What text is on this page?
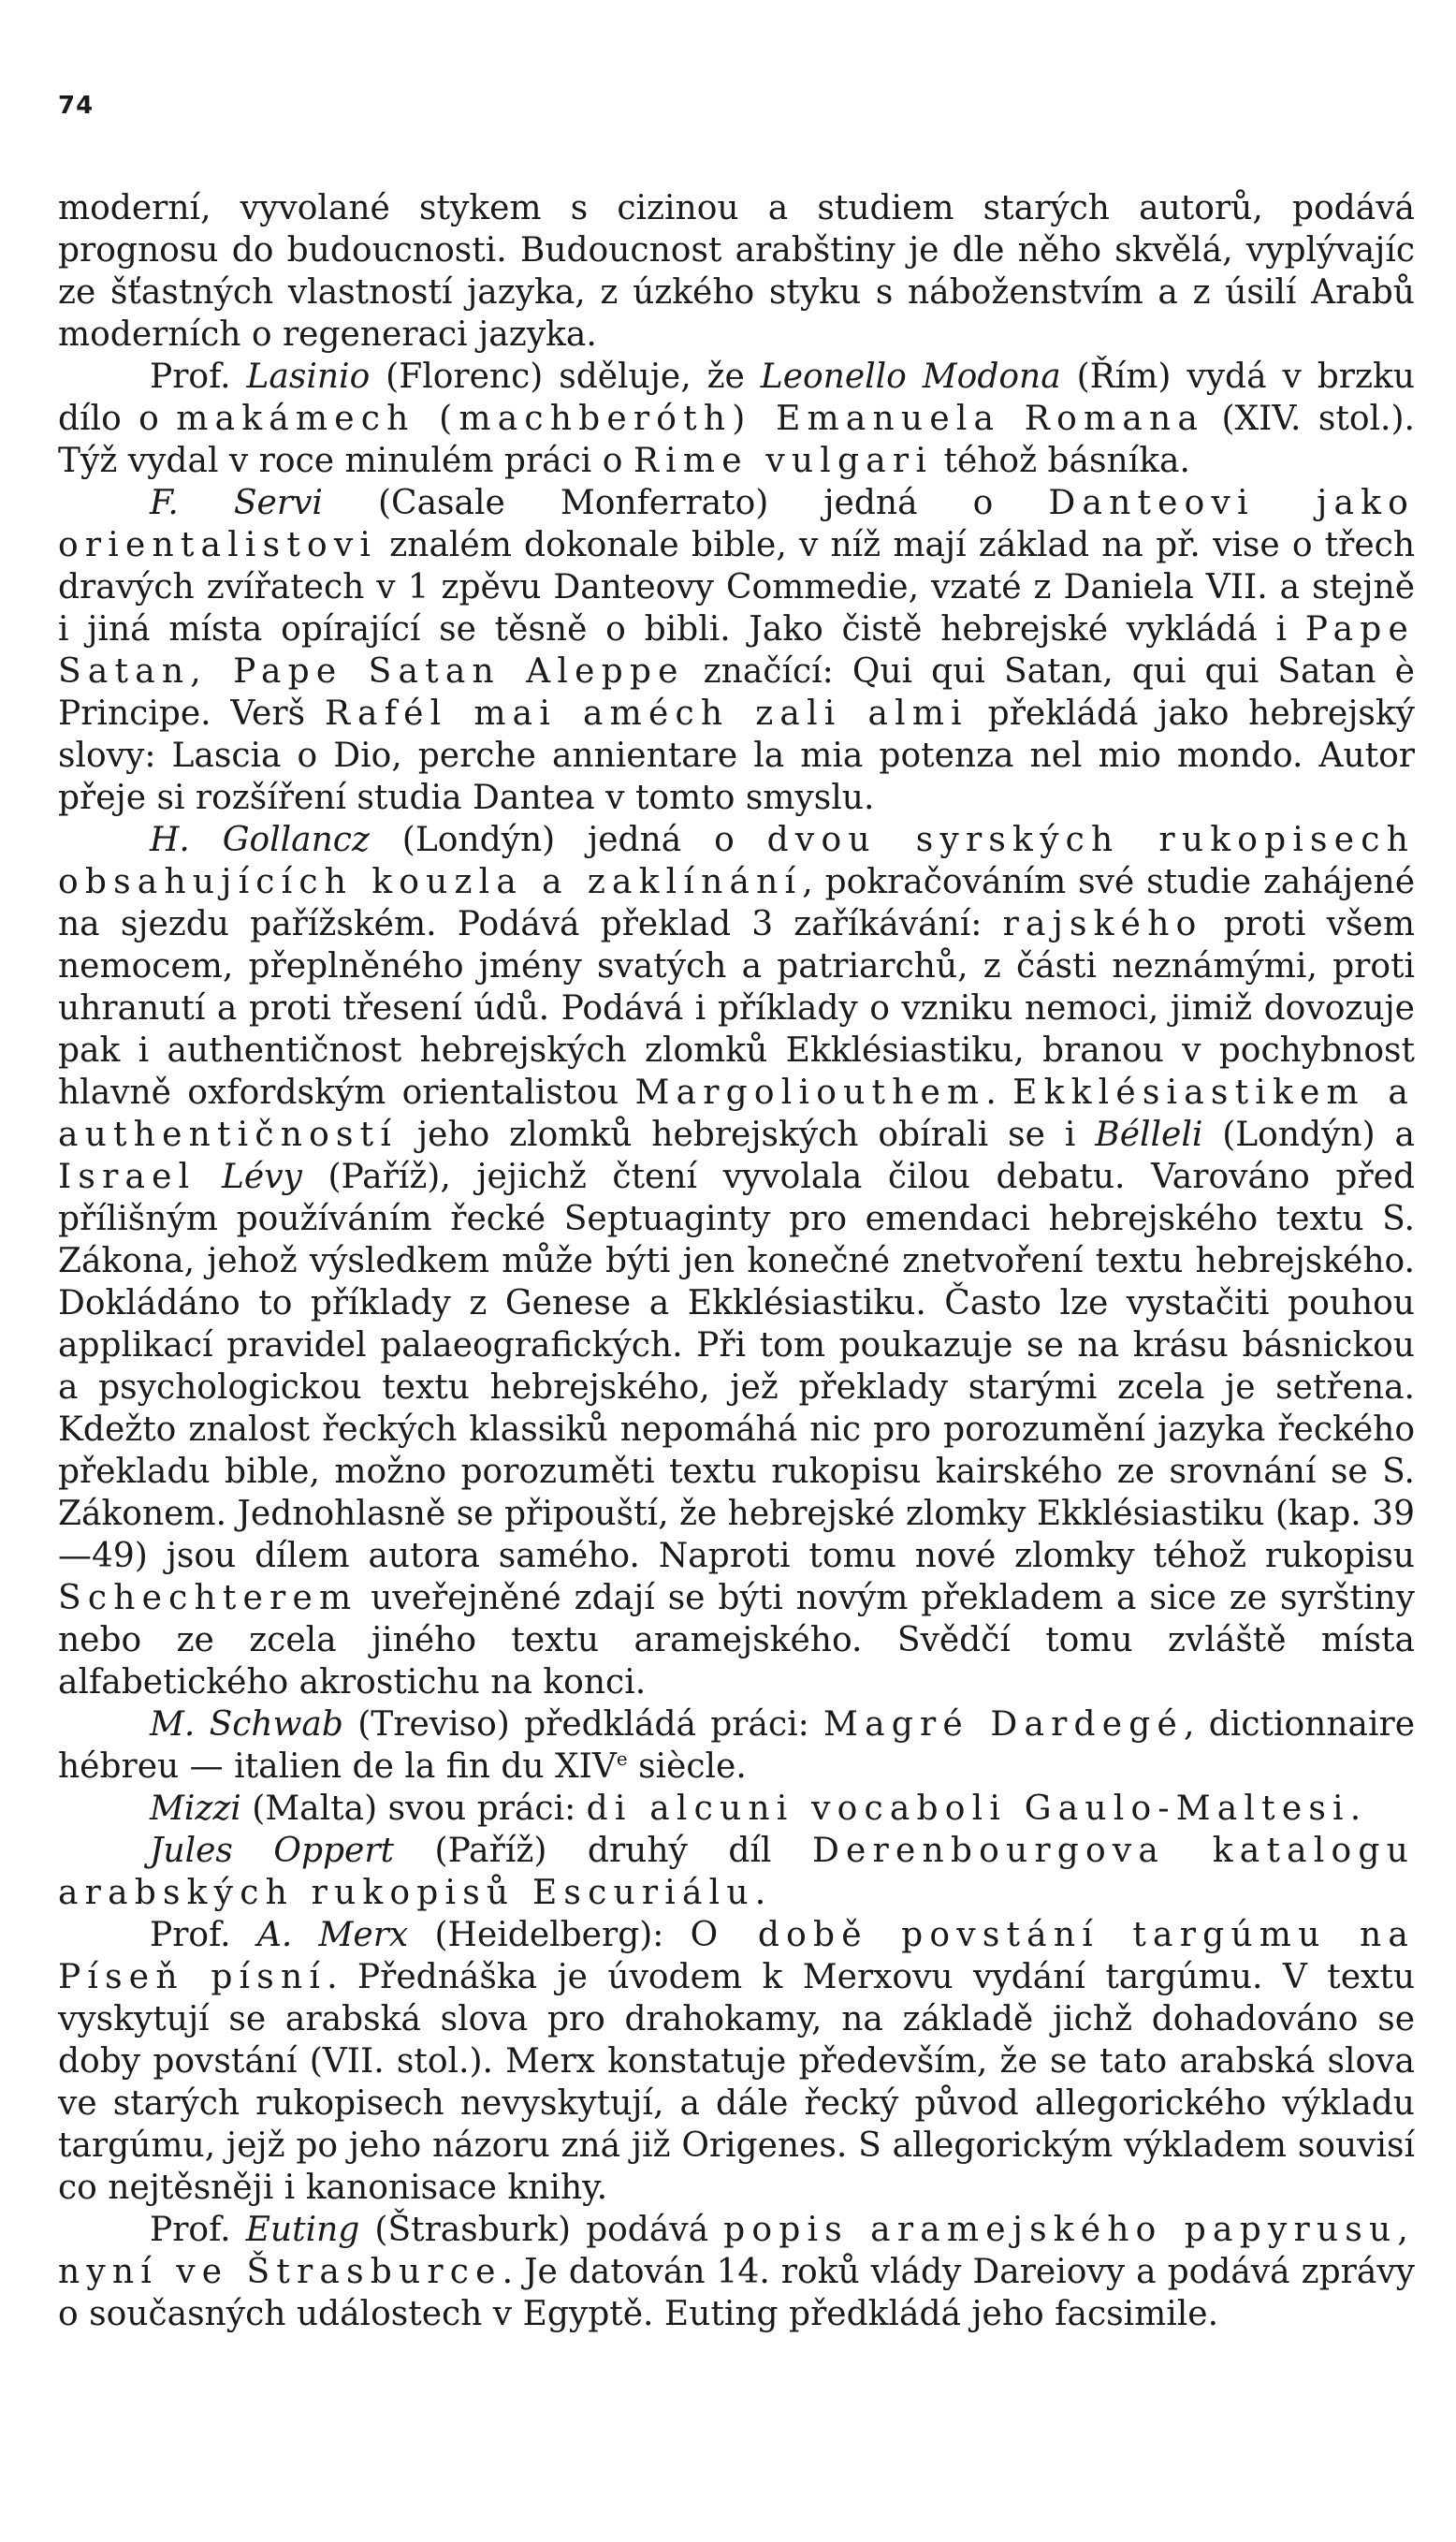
74

moderní, vyvolané stykem s cizinou a studiem starých autorů, podává prognosu do budoucnosti. Budoucnost arabštiny je dle něho skvělá, vyplývajíc ze šťastných vlastností jazyka, z úzkého styku s náboženstvím a z úsilí Arabů moderních o regeneraci jazyka.

Prof. Lasinio (Florenc) sděluje, že Leonello Modona (Řím) vydá v brzku dílo o makámech (machberóth) Emanuela Romana (XIV. stol.). Týž vydal v roce minulém práci o Rime vulgari téhož básníka.

F. Servi (Casale Monferrato) jedná o Danteovi jako orientalistovi znalém dokonale bible, v níž mají základ na př. vise o třech dravých zvířatech v 1 zpěvu Danteovy Commedie, vzaté z Daniela VII. a stejně i jiná místa opírající se těsně o bibli. Jako čistě hebrejské vykládá i Pape Satan, Pape Satan Aleppe značící: Qui qui Satan, qui qui Satan è Principe. Verš Rafél mai améch zali almi překládá jako hebrejský slovy: Lascia o Dio, perche annientare la mia potenza nel mio mondo. Autor přeje si rozšíření studia Dantea v tomto smyslu.

H. Gollancz (Londýn) jedná o dvou syrských rukopisech obsahujících kouzla a zaklínání, pokračováním své studie zahájené na sjezdu pařížském. Podává překlad 3 zaříkávání: rajského proti všem nemocem, přeplněného jmény svatých a patriarchů, z části neznámými, proti uhranutí a proti třesení údů. Podává i příklady o vzniku nemoci, jimiž dovozuje pak i authentičnost hebrejských zlomků Ekklésiastiku, branou v pochybnost hlavně oxfordským orientalistou Margoliouthem. Ekklésiastikem a authentičností jeho zlomků hebrejských obírali se i Bélleli (Londýn) a Israel Lévy (Paříž), jejichž čtení vyvolala čilou debatu. Varováno před přílišným používáním řecké Septuaginty pro emendaci hebrejského textu S. Zákona, jehož výsledkem může býti jen konečné znetvoření textu hebrejského. Dokládáno to příklady z Genese a Ekklésiastiku. Často lze vystačiti pouhou applikací pravidel palaeografických. Při tom poukazuje se na krásu básnickou a psychologickou textu hebrejského, jež překlady starými zcela je setřena. Kdežto znalost řeckých klassiků nepomáhá nic pro porozumění jazyka řeckého překladu bible, možno porozuměti textu rukopisu kairského ze srovnání se S. Zákonem. Jednohlasně se připouští, že hebrejské zlomky Ekklésiastiku (kap. 39—49) jsou dílem autora samého. Naproti tomu nové zlomky téhož rukopisu Schechterem uveřejněné zdají se býti novým překladem a sice ze syrštiny nebo ze zcela jiného textu aramejského. Svědčí tomu zvláště místa alfabetického akrostichu na konci.

M. Schwab (Treviso) předkládá práci: Magré Dardegé, dictionnaire hébreu — italien de la fin du XIVe siècle.

Mizzi (Malta) svou práci: di alcuni vocaboli Gaulo-Maltesi.

Jules Oppert (Paříž) druhý díl Derenbourgova katalogu arabských rukopisů Escuriálu.

Prof. A. Merx (Heidelberg): O době povstání targúmu na Píseň písní. Přednáška je úvodem k Merxovu vydání targúmu. V textu vyskytují se arabská slova pro drahokamy, na základě jichž dohadováno se doby povstání (VII. stol.). Merx konstatuje především, že se tato arabská slova ve starých rukopisech nevyskytují, a dále řecký původ allegorického výkladu targúmu, jejž po jeho názoru zná již Origenes. S allegorickým výkladem souvisí co nejtěsněji i kanonisace knihy.

Prof. Euting (Štrasburk) podává popis aramejského papyrusu, nyní ve Štrasburce. Je datován 14. roků vlády Dareiovy a podává zprávy o současných událostech v Egyptě. Euting předkládá jeho facsimile.
